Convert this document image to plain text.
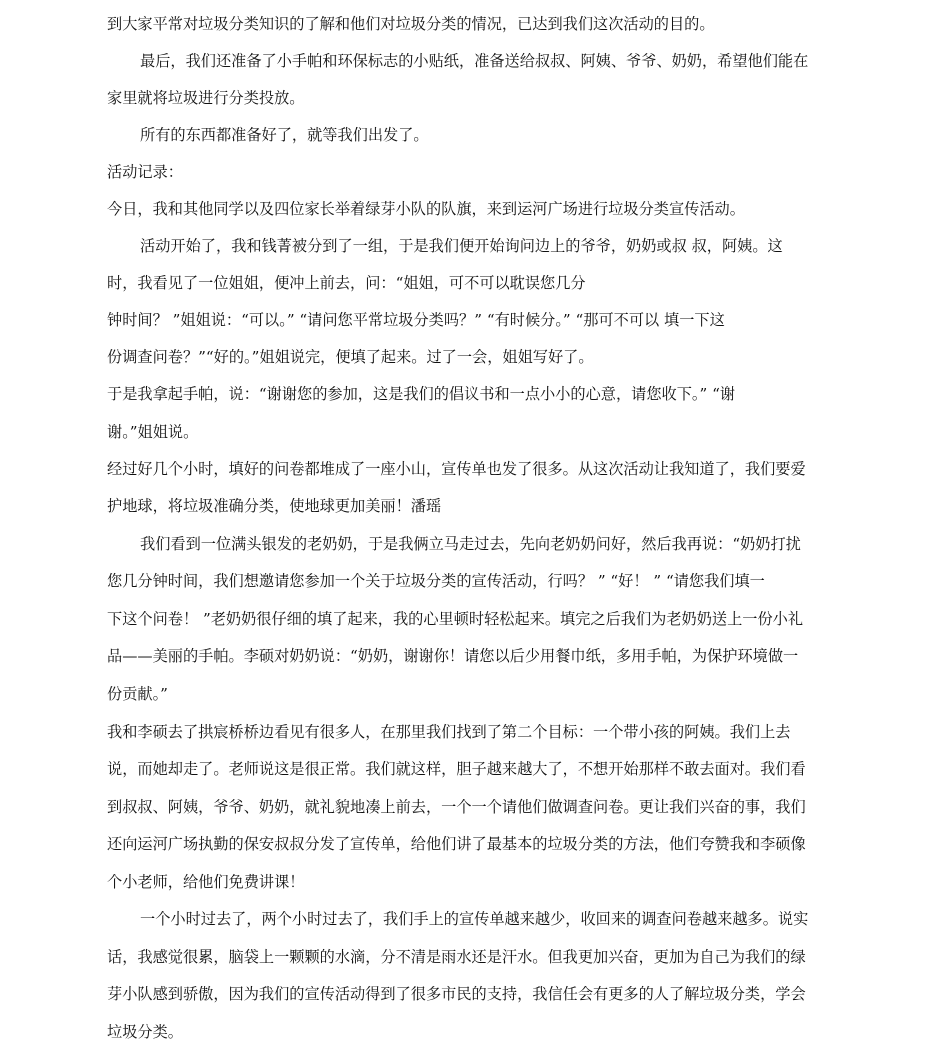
到大家平常对垃圾分类知识的了解和他们对垃圾分类的情况，已达到我们这次活动的目的。
最后，我们还准备了小手帕和环保标志的小贴纸，准备送给叔叔、阿姨、爷爷、奶奶，希望他们能在
家里就将垃圾进行分类投放。
所有的东西都准备好了，就等我们出发了。
活动记录：
今日，我和其他同学以及四位家长举着绿芽小队的队旗，来到运河广场进行垃圾分类宣传活动。
活动开始了，我和钱菁被分到了一组，于是我们便开始询问边上的爷爷，奶奶或叔 叔，阿姨。这
时，我看见了一位姐姐，便冲上前去，问：“姐姐，可不可以耽误您几分
钟时间？ ”姐姐说：“可以。” “请问您平常垃圾分类吗？” “有时候分。” “那可不可以 填一下这
份调查问卷？”“好的。”姐姐说完，便填了起来。过了一会，姐姐写好了。
于是我拿起手帕，说：“谢谢您的参加，这是我们的倡议书和一点小小的心意，请您收下。” “谢
谢。”姐姐说。
经过好几个小时，填好的问卷都堆成了一座小山，宣传单也发了很多。从这次活动让我知道了，我们要爱
护地球，将垃圾准确分类，使地球更加美丽！潘瑶
我们看到一位满头银发的老奶奶，于是我俩立马走过去，先向老奶奶问好，然后我再说：“奶奶打扰
您几分钟时间，我们想邀请您参加一个关于垃圾分类的宣传活动，行吗？ ” “好！ ” “请您我们填一
下这个问卷！ ”老奶奶很仔细的填了起来，我的心里顿时轻松起来。填完之后我们为老奶奶送上一份小礼
品——美丽的手帕。李硕对奶奶说：“奶奶，谢谢你！请您以后少用餐巾纸，多用手帕，为保护环境做一
份贡献。”
我和李硕去了拱宸桥桥边看见有很多人，在那里我们找到了第二个目标：一个带小孩的阿姨。我们上去
说，而她却走了。老师说这是很正常。我们就这样，胆子越来越大了，不想开始那样不敢去面对。我们看
到叔叔、阿姨，爷爷、奶奶，就礼貌地凑上前去，一个一个请他们做调查问卷。更让我们兴奋的事，我们
还向运河广场执勤的保安叔叔分发了宣传单，给他们讲了最基本的垃圾分类的方法，他们夸赞我和李硕像
个小老师，给他们免费讲课！
一个小时过去了，两个小时过去了，我们手上的宣传单越来越少，收回来的调查问卷越来越多。说实
话，我感觉很累，脑袋上一颗颗的水滴，分不清是雨水还是汗水。但我更加兴奋，更加为自己为我们的绿
芽小队感到骄傲，因为我们的宣传活动得到了很多市民的支持，我信任会有更多的人了解垃圾分类，学会
垃圾分类。
